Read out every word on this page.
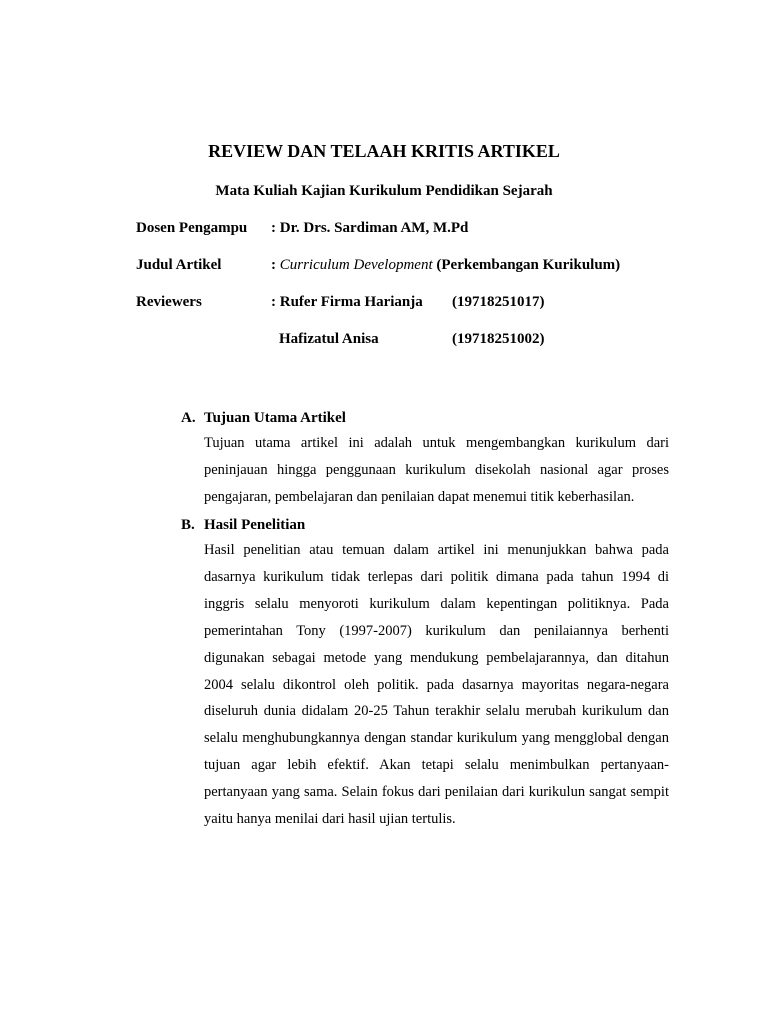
REVIEW DAN TELAAH KRITIS ARTIKEL
Mata Kuliah Kajian Kurikulum Pendidikan Sejarah
Dosen Pengampu : Dr. Drs. Sardiman AM, M.Pd
Judul Artikel	: Curriculum Development (Perkembangan Kurikulum)
Reviewers	: Rufer Firma Harianja (19718251017)
Hafizatul Anisa	(19718251002)
A. Tujuan Utama Artikel

Tujuan utama artikel ini adalah untuk mengembangkan kurikulum dari peninjauan hingga penggunaan kurikulum disekolah nasional agar proses pengajaran, pembelajaran dan penilaian dapat menemui titik keberhasilan.

B. Hasil Penelitian

Hasil penelitian atau temuan dalam artikel ini menunjukkan bahwa pada dasarnya kurikulum tidak terlepas dari politik dimana pada tahun 1994 di inggris selalu menyoroti kurikulum dalam kepentingan politiknya. Pada pemerintahan Tony (1997-2007) kurikulum dan penilaiannya berhenti digunakan sebagai metode yang mendukung pembelajarannya, dan ditahun 2004 selalu dikontrol oleh politik. pada dasarnya mayoritas negara-negara diseluruh dunia didalam 20-25 Tahun terakhir selalu merubah kurikulum dan selalu menghubungkannya dengan standar kurikulum yang mengglobal dengan tujuan agar lebih efektif. Akan tetapi selalu menimbulkan pertanyaan-pertanyaan yang sama. Selain fokus dari penilaian dari kurikulun sangat sempit yaitu hanya menilai dari hasil ujian tertulis.
